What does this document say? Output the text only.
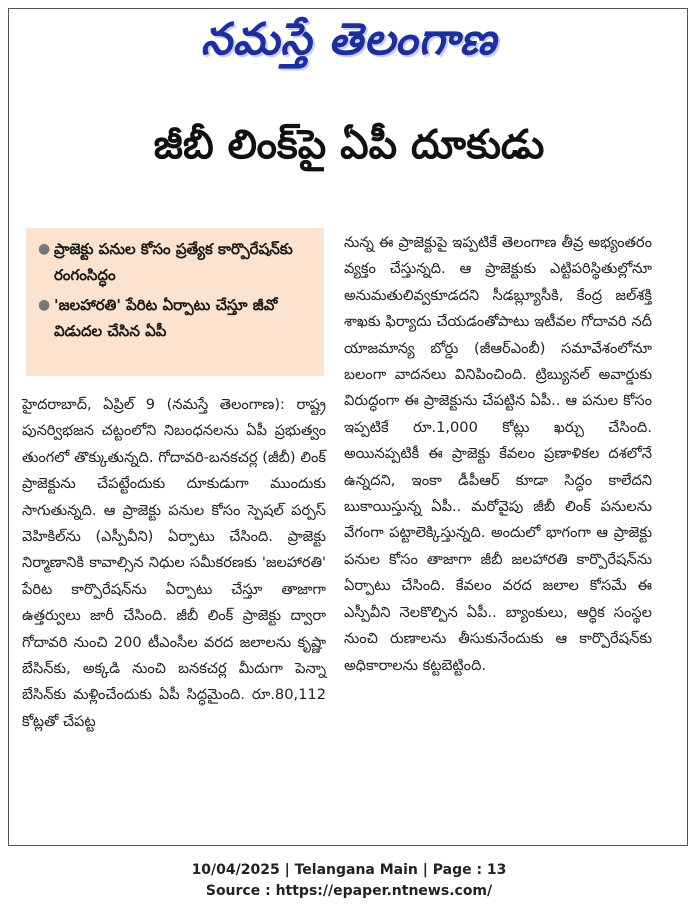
నమస్తే తెలంగాణ
జీబీ లింక్‌పై ఏపీ దూకుడు
● ప్రాజెక్టు పనుల కోసం ప్రత్యేక కార్పొరేషన్‌కు రంగంసిద్ధం
● 'జలహారతి' పేరిట ఏర్పాటు చేస్తూ జీవో విడుదల చేసిన ఏపీ

హైదరాబాద్‌, ఏప్రిల్‌ 9 (నమస్తే తెలంగాణ): రాష్ట్ర పునర్విభజన చట్టంలోని నిబంధనలను ఏపీ ప్రభుత్వం తుంగలో తొక్కుతున్నది. గోదావరి-బనకచర్ల (జీబీ) లింక్‌ ప్రాజెక్టును చేపట్టేందుకు దూకుడుగా ముందుకు సాగుతున్నది. ఆ ప్రాజెక్టు పనుల కోసం స్పెషల్‌ పర్పస్‌ వెహికిల్‌ను (ఎస్పీవీని) ఏర్పాటు చేసింది. ప్రాజెక్టు నిర్మాణానికి కావాల్సిన నిధుల సమీకరణకు 'జలహారతి' పేరిట కార్పొరేషన్‌ను ఏర్పాటు చేస్తూ తాజాగా ఉత్తర్వులు జారీ చేసింది. జీబీ లింక్‌ ప్రాజెక్టు ద్వారా గోదావరి నుంచి 200 టీఎంసీల వరద జలాలను కృష్ణా బేసిన్‌కు, అక్కడి నుంచి బనకచర్ల మీదుగా పెన్నా బేసిన్‌కు మళ్లించేందుకు ఏపీ సిద్ధమైంది. రూ.80,112 కోట్లతో చేపట్ట

నున్న ఈ ప్రాజెక్టుపై ఇప్పటికే తెలంగాణ తీవ్ర అభ్యంతరం వ్యక్తం చేస్తున్నది. ఆ ప్రాజెక్టుకు ఎట్టిపరిస్థితుల్లోనూ అనుమతులివ్వకూడదని సీడబ్ల్యూసీకి, కేంద్ర జల్‌శక్తి శాఖకు ఫిర్యాదు చేయడంతోపాటు ఇటీవల గోదావరి నదీ యాజమాన్య బోర్డు (జీఆర్‌ఎంబీ) సమావేశంలోనూ బలంగా వాదనలు వినిపించింది. ట్రిబ్యునల్‌ అవార్డుకు విరుద్ధంగా ఈ ప్రాజెక్టును చేపట్టిన ఏపీ.. ఆ పనుల కోసం ఇప్పటికే రూ.1,000 కోట్లు ఖర్చు చేసింది. అయినప్పటికీ ఈ ప్రాజెక్టు కేవలం ప్రణాళికల దశలోనే ఉన్నదని, ఇంకా డీపీఆర్‌ కూడా సిద్ధం కాలేదని బుకాయిస్తున్న ఏపీ.. మరోవైపు జీబీ లింక్‌ పనులను వేగంగా పట్టాలెక్కిస్తున్నది. అందులో భాగంగా ఆ ప్రాజెక్టు పనుల కోసం తాజాగా జీబీ జలహారతి కార్పొరేషన్‌ను ఏర్పాటు చేసింది. కేవలం వరద జలాల కోసమే ఈ ఎస్పీవీని నెలకొల్పిన ఏపీ.. బ్యాంకులు, ఆర్థిక సంస్థల నుంచి రుణాలను తీసుకునేందుకు ఆ కార్పొరేషన్‌కు అధికారాలను కట్టబెట్టింది.

10/04/2025 | Telangana Main | Page : 13
Source : https://epaper.ntnews.com/
